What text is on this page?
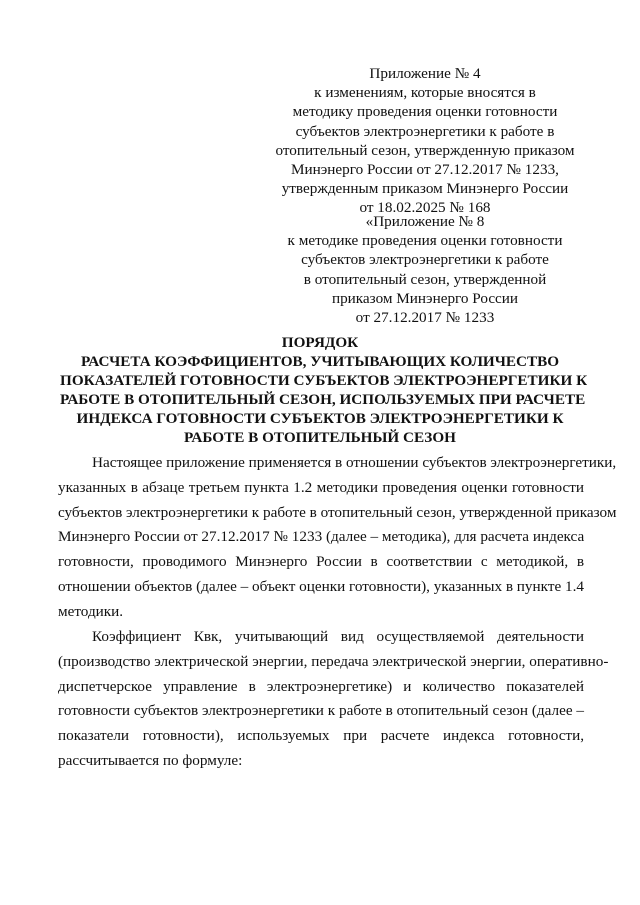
Приложение № 4
к изменениям, которые вносятся в
методику проведения оценки готовности
субъектов электроэнергетики к работе в
отопительный сезон, утвержденную приказом
Минэнерго России от 27.12.2017 № 1233,
утвержденным приказом Минэнерго России
от 18.02.2025 № 168
«Приложение № 8
к методике проведения оценки готовности
субъектов электроэнергетики к работе
в отопительный сезон, утвержденной
приказом Минэнерго России
от 27.12.2017 № 1233
ПОРЯДОК
РАСЧЕТА КОЭФФИЦИЕНТОВ, УЧИТЫВАЮЩИХ КОЛИЧЕСТВО
ПОКАЗАТЕЛЕЙ ГОТОВНОСТИ СУБЪЕКТОВ ЭЛЕКТРОЭНЕРГЕТИКИ К
РАБОТЕ В ОТОПИТЕЛЬНЫЙ СЕЗОН, ИСПОЛЬЗУЕМЫХ ПРИ РАСЧЕТЕ
ИНДЕКСА ГОТОВНОСТИ СУБЪЕКТОВ ЭЛЕКТРОЭНЕРГЕТИКИ К
РАБОТЕ В ОТОПИТЕЛЬНЫЙ СЕЗОН
Настоящее приложение применяется в отношении субъектов электроэнергетики,
указанных в абзаце третьем пункта 1.2 методики проведения оценки готовности
субъектов электроэнергетики к работе в отопительный сезон, утвержденной приказом
Минэнерго России от 27.12.2017 № 1233 (далее – методика), для расчета индекса
готовности, проводимого Минэнерго России в соответствии с методикой, в
отношении объектов (далее – объект оценки готовности), указанных в пункте 1.4
методики.
Коэффициент Квк, учитывающий вид осуществляемой деятельности
(производство электрической энергии, передача электрической энергии, оперативно-
диспетчерское управление в электроэнергетике) и количество показателей
готовности субъектов электроэнергетики к работе в отопительный сезон (далее –
показатели готовности), используемых при расчете индекса готовности,
рассчитывается по формуле:
